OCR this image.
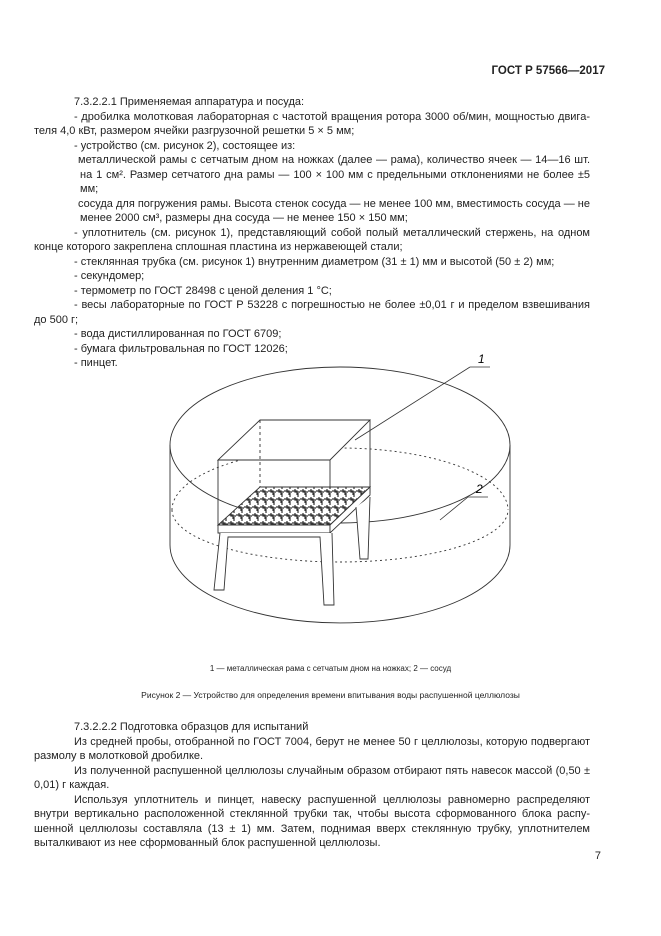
ГОСТ Р 57566—2017

7.3.2.2.1 Применяемая аппаратура и посуда:

- дробилка молотковая лабораторная с частотой вращения ротора 3000 об/мин, мощностью двига-теля 4,0 кВт, размером ячейки разгрузочной решетки 5 × 5 мм;

- устройство (см. рисунок 2), состоящее из:

металлической рамы с сетчатым дном на ножках (далее — рама), количество ячеек — 14—16 шт. на 1 см². Размер сетчатого дна рамы — 100 × 100 мм с предельными отклонениями не более ±5 мм;

сосуда для погружения рамы. Высота стенок сосуда — не менее 100 мм, вместимость сосуда — не менее 2000 см³, размеры дна сосуда — не менее 150 × 150 мм;

- уплотнитель (см. рисунок 1), представляющий собой полый металлический стержень, на одном конце которого закреплена сплошная пластина из нержавеющей стали;

- стеклянная трубка (см. рисунок 1) внутренним диаметром (31 ± 1) мм и высотой (50 ± 2) мм;

- секундомер;

- термометр по ГОСТ 28498 с ценой деления 1 °С;

- весы лабораторные по ГОСТ Р 53228 с погрешностью не более ±0,01 г и пределом взвешивания до 500 г;

- вода дистиллированная по ГОСТ 6709;

- бумага фильтровальная по ГОСТ 12026;

- пинцет.	1
2
1 — металлическая рама с сетчатым дном на ножках; 2 — сосуд
Рисунок 2 — Устройство для определения времени впитывания воды распушенной целлюлозы

7.3.2.2.2 Подготовка образцов для испытаний

Из средней пробы, отобранной по ГОСТ 7004, берут не менее 50 г целлюлозы, которую подвергают размолу в молотковой дробилке.

Из полученной распушенной целлюлозы случайным образом отбирают пять навесок массой (0,50 ± 0,01) г каждая.

Используя уплотнитель и пинцет, навеску распушенной целлюлозы равномерно распределяют внутри вертикально расположенной стеклянной трубки так, чтобы высота сформованного блока распу-шенной целлюлозы составляла (13 ± 1) мм. Затем, поднимая вверх стеклянную трубку, уплотнителем выталкивают из нее сформованный блок распушенной целлюлозы.

7
